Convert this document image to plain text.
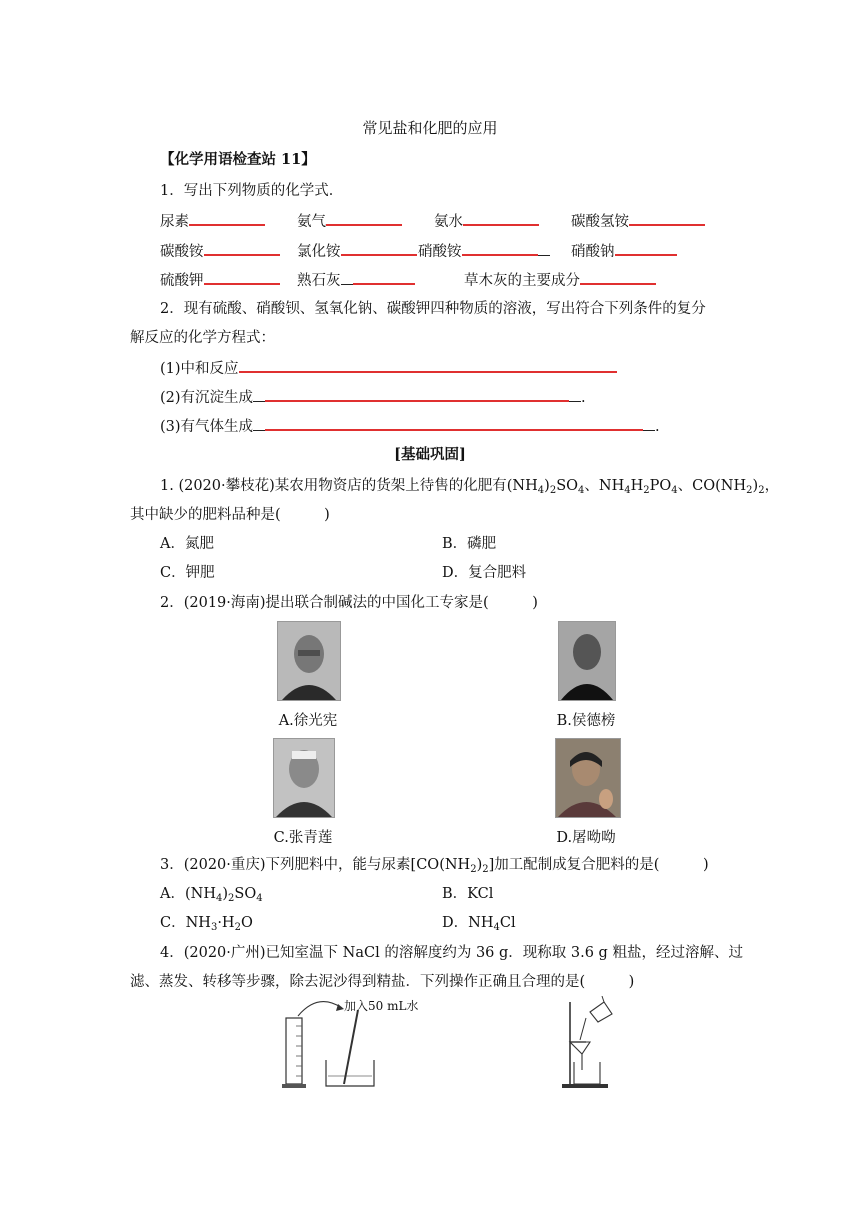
常见盐和化肥的应用
【化学用语检查站 11】
1．写出下列物质的化学式．
尿素	氨气	氨水	碳酸氢铵
碳酸铵	氯化铵	硝酸铵	硝酸钠
硫酸钾	熟石灰	草木灰的主要成分
2．现有硫酸、硝酸钡、氢氧化钠、碳酸钾四种物质的溶液，写出符合下列条件的复分
解反应的化学方程式：
(1)中和反应
(2)有沉淀生成	.
(3)有气体生成	.
[基础巩固]
1. (2020·攀枝花)某农用物资店的货架上待售的化肥有$(NH_4)_2SO_4$、$NH_4H_2PO_4$、$CO(NH_2)_2$，
其中缺少的肥料品种是(　　　)
A．氮肥	B．磷肥
C．钾肥	D．复合肥料
2．(2019·海南)提出联合制碱法的中国化工专家是(　　　)
A.徐光宪	B.侯德榜
C.张青莲	D.屠呦呦
3．(2020·重庆)下列肥料中，能与尿素$[CO(NH_2)_2]$加工配制成复合肥料的是(　　　)
A．$(NH_4)_2SO_4$	B．KCl
C．$NH_3\cdot H_2O$	D．$NH_4Cl$
4．(2020·广州)已知室温下 NaCl 的溶解度约为 36 g．现称取 3.6 g 粗盐，经过溶解、过
滤、蒸发、转移等步骤，除去泥沙得到精盐．下列操作正确且合理的是(　　　)
加入50 mL水
